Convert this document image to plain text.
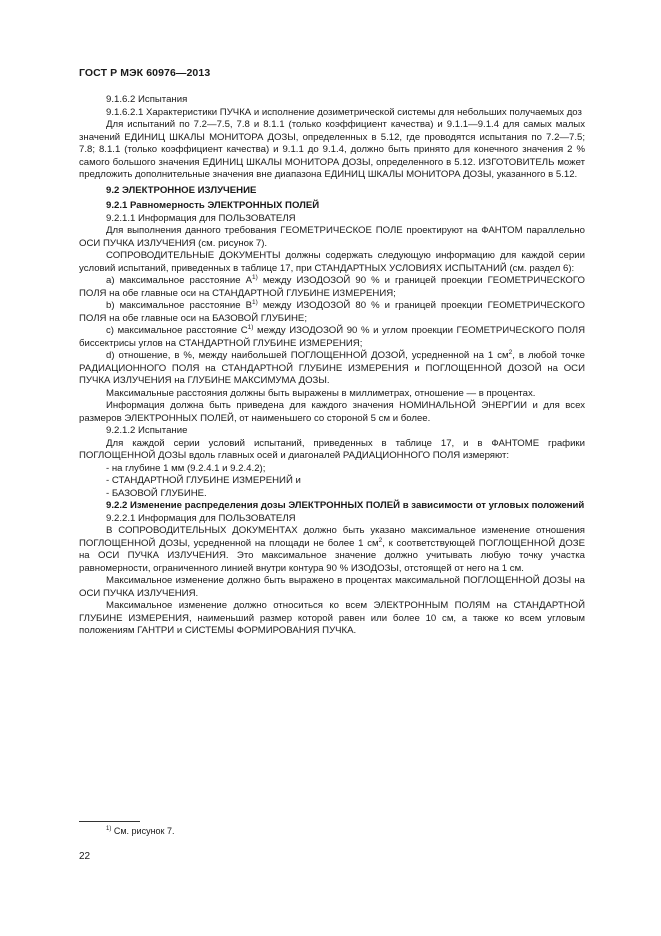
ГОСТ Р МЭК 60976—2013

9.1.6.2 Испытания

9.1.6.2.1 Характеристики ПУЧКА и исполнение дозиметрической системы для небольших получаемых доз

Для испытаний по 7.2—7.5, 7.8 и 8.1.1 (только коэффициент качества) и 9.1.1—9.1.4 для самых малых значений ЕДИНИЦ ШКАЛЫ МОНИТОРА ДОЗЫ, определенных в 5.12, где проводятся испытания по 7.2—7.5; 7.8; 8.1.1 (только коэффициент качества) и 9.1.1 до 9.1.4, должно быть принято для конечного значения 2 % самого большого значения ЕДИНИЦ ШКАЛЫ МОНИТОРА ДОЗЫ, определенного в 5.12. ИЗГОТОВИТЕЛЬ может предложить дополнительные значения вне диапазона ЕДИНИЦ ШКАЛЫ МОНИТОРА ДОЗЫ, указанного в 5.12.

9.2 ЭЛЕКТРОННОЕ ИЗЛУЧЕНИЕ

9.2.1 Равномерность ЭЛЕКТРОННЫХ ПОЛЕЙ

9.2.1.1 Информация для ПОЛЬЗОВАТЕЛЯ

Для выполнения данного требования ГЕОМЕТРИЧЕСКОЕ ПОЛЕ проектируют на ФАНТОМ параллельно ОСИ ПУЧКА ИЗЛУЧЕНИЯ (см. рисунок 7).

СОПРОВОДИТЕЛЬНЫЕ ДОКУМЕНТЫ должны содержать следующую информацию для каждой серии условий испытаний, приведенных в таблице 17, при СТАНДАРТНЫХ УСЛОВИЯХ ИСПЫТАНИЙ (см. раздел 6):

a) максимальное расстояние $A^{1)}$ между ИЗОДОЗОЙ 90 % и границей проекции ГЕОМЕТРИЧЕСКОГО ПОЛЯ на обе главные оси на СТАНДАРТНОЙ ГЛУБИНЕ ИЗМЕРЕНИЯ;

b) максимальное расстояние $B^{1)}$ между ИЗОДОЗОЙ 80 % и границей проекции ГЕОМЕТРИЧЕСКОГО ПОЛЯ на обе главные оси на БАЗОВОЙ ГЛУБИНЕ;

c) максимальное расстояние $C^{1)}$ между ИЗОДОЗОЙ 90 % и углом проекции ГЕОМЕТРИЧЕСКОГО ПОЛЯ биссектрисы углов на СТАНДАРТНОЙ ГЛУБИНЕ ИЗМЕРЕНИЯ;

d) отношение, в %, между наибольшей ПОГЛОЩЕННОЙ ДОЗОЙ, усредненной на 1 $см^2$, в любой точке РАДИАЦИОННОГО ПОЛЯ на СТАНДАРТНОЙ ГЛУБИНЕ ИЗМЕРЕНИЯ и ПОГЛОЩЕННОЙ ДОЗОЙ на ОСИ ПУЧКА ИЗЛУЧЕНИЯ на ГЛУБИНЕ МАКСИМУМА ДОЗЫ.

Максимальные расстояния должны быть выражены в миллиметрах, отношение — в процентах.

Информация должна быть приведена для каждого значения НОМИНАЛЬНОЙ ЭНЕРГИИ и для всех размеров ЭЛЕКТРОННЫХ ПОЛЕЙ, от наименьшего со стороной 5 см и более.

9.2.1.2 Испытание

Для каждой серии условий испытаний, приведенных в таблице 17, и в ФАНТОМЕ графики ПОГЛОЩЕННОЙ ДОЗЫ вдоль главных осей и диагоналей РАДИАЦИОННОГО ПОЛЯ измеряют:

- на глубине 1 мм (9.2.4.1 и 9.2.4.2);

- СТАНДАРТНОЙ ГЛУБИНЕ ИЗМЕРЕНИЙ и

- БАЗОВОЙ ГЛУБИНЕ.

9.2.2 Изменение распределения дозы ЭЛЕКТРОННЫХ ПОЛЕЙ в зависимости от угловых положений

9.2.2.1 Информация для ПОЛЬЗОВАТЕЛЯ

В СОПРОВОДИТЕЛЬНЫХ ДОКУМЕНТАХ должно быть указано максимальное изменение отношения ПОГЛОЩЕННОЙ ДОЗЫ, усредненной на площади не более 1 $см^2$, к соответствующей ПОГЛОЩЕННОЙ ДОЗЕ на ОСИ ПУЧКА ИЗЛУЧЕНИЯ. Это максимальное значение должно учитывать любую точку участка равномерности, ограниченного линией внутри контура 90 % ИЗОДОЗЫ, отстоящей от него на 1 см.

Максимальное изменение должно быть выражено в процентах максимальной ПОГЛОЩЕННОЙ ДОЗЫ на ОСИ ПУЧКА ИЗЛУЧЕНИЯ.

Максимальное изменение должно относиться ко всем ЭЛЕКТРОННЫМ ПОЛЯМ на СТАНДАРТНОЙ ГЛУБИНЕ ИЗМЕРЕНИЯ, наименьший размер которой равен или более 10 см, а также ко всем угловым положениям ГАНТРИ и СИСТЕМЫ ФОРМИРОВАНИЯ ПУЧКА.

$^{1)}$ См. рисунок 7.
22
